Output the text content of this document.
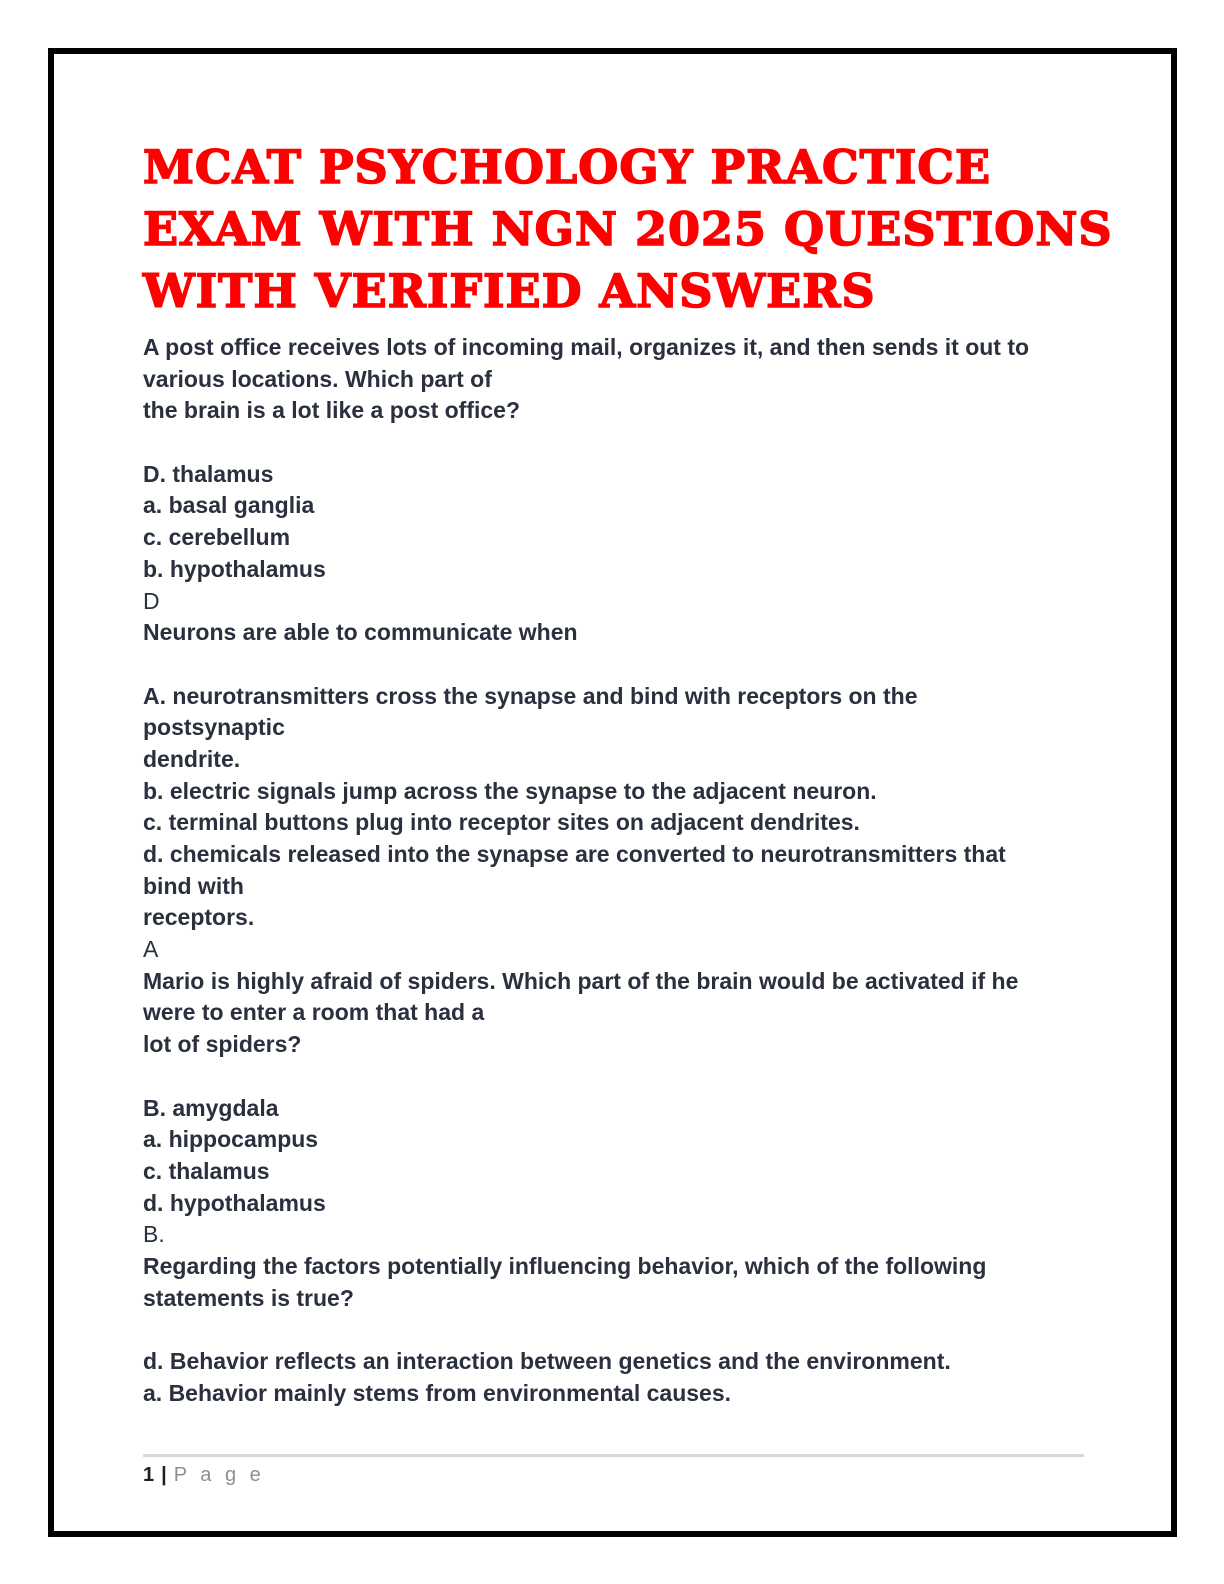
MCAT PSYCHOLOGY PRACTICE
EXAM WITH NGN 2025 QUESTIONS
WITH VERIFIED ANSWERS
A post office receives lots of incoming mail, organizes it, and then sends it out to
various locations. Which part of
the brain is a lot like a post office?
D. thalamus
a. basal ganglia
c. cerebellum
b. hypothalamus
D
Neurons are able to communicate when
A. neurotransmitters cross the synapse and bind with receptors on the
postsynaptic
dendrite.
b. electric signals jump across the synapse to the adjacent neuron.
c. terminal buttons plug into receptor sites on adjacent dendrites.
d. chemicals released into the synapse are converted to neurotransmitters that
bind with
receptors.
A
Mario is highly afraid of spiders. Which part of the brain would be activated if he
were to enter a room that had a
lot of spiders?
B. amygdala
a. hippocampus
c. thalamus
d. hypothalamus
B.
Regarding the factors potentially influencing behavior, which of the following
statements is true?
d. Behavior reflects an interaction between genetics and the environment.
a. Behavior mainly stems from environmental causes.
1 | P a g e
